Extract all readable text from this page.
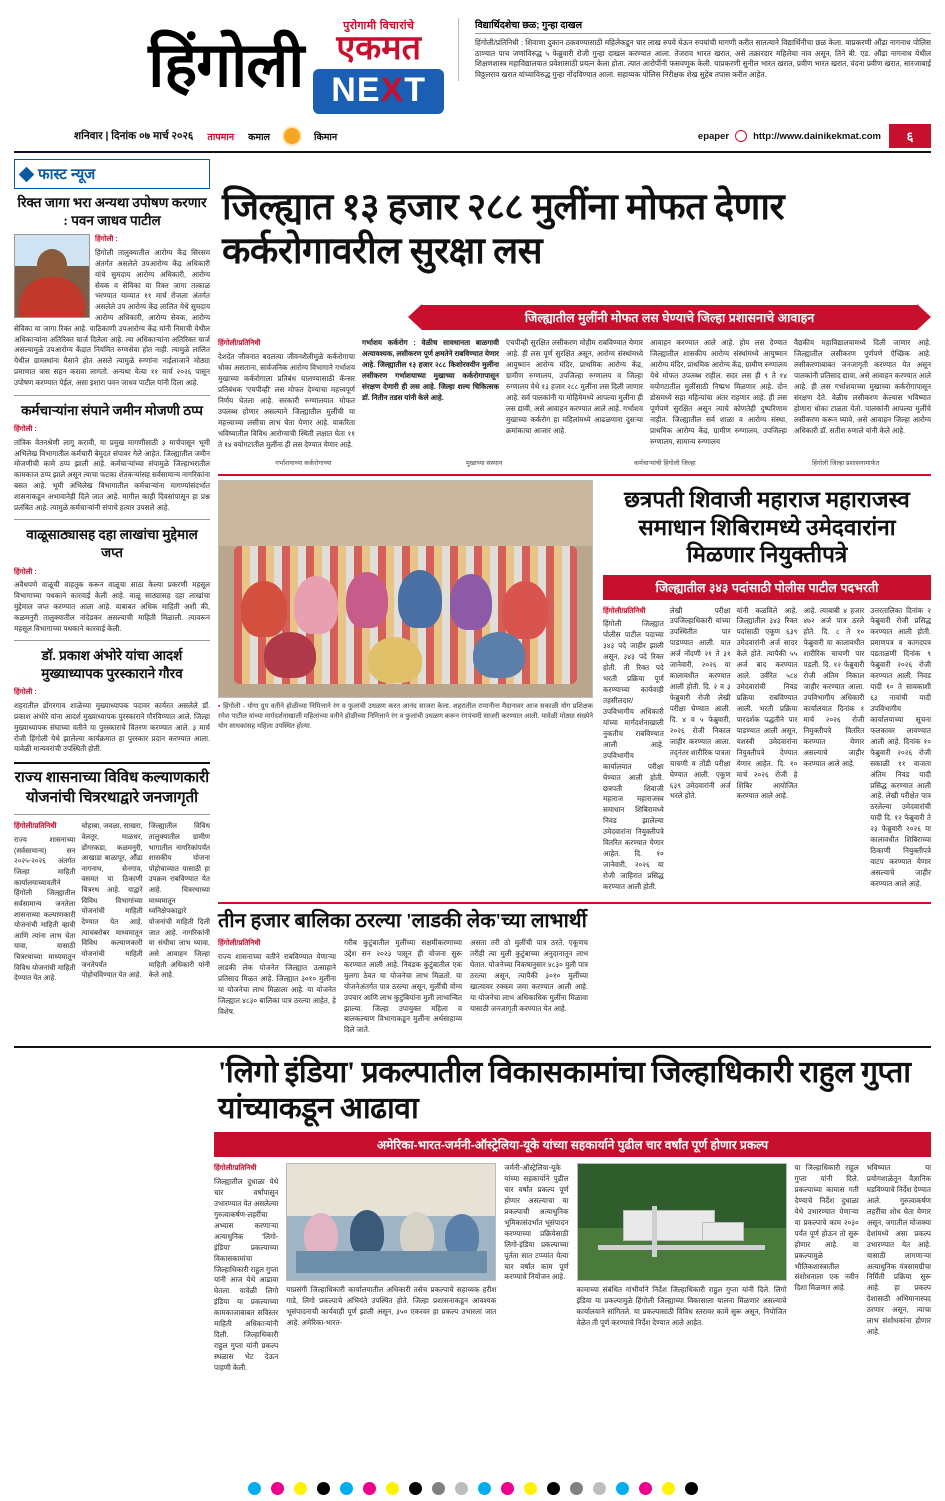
हिंगोली
पुरोगामी विचारांचे
एकमत
NEXT
विद्यार्थिदशेचा छळ; गुन्हा दाखल

हिंगोली/प्रतिनिधी : शिवाणा दुकान ठकवण्यासाठी महिलेकडून चार लाख रुपये घेऊन रुपयांची मागणी करीत सातत्याने विद्यार्थिनीचा छळ केला. याप्रकरणी औंढा नागनाथ पोलिस ठाण्यात पाच जणांविरुद्ध ५ फेब्रुवारी रोजी गुन्हा दाखल करण्यात आला. तेजराव भारत खरात, असे तक्रारदार महिलेचा नाव असून, तिने बी. एड. औंढा नागनाथ येथील शिक्षणशास्त्र महाविद्यालयात प्रवेशासाठी प्रयत्न केला होता. त्यात आरोपींनी फसवणूक केली. याप्रकरणी सुनील भारत खरात, प्रवीण भारत खरात, वंदना प्रवीण खरात, सारजाबाई विठ्ठलराव खरात यांच्याविरुद्ध गुन्हा नोंदविण्यात आला. सहाय्यक पोलिस निरीक्षक शेख सुहेब तपास करीत आहेत.

शनिवार | दिनांक ०७ मार्च २०२६ तापमान कमाल	किमान	epaper	http://www.dainikekmat.com	६
फास्ट न्यूज
रिक्त जागा भरा अन्यथा उपोषण करणार : पवन जाधव पाटील

हिंगोली :

हिंगोली तालुक्यातील आरोग्य केंद्र सिरसम अंतर्गत असलेले उपआरोग्य केंद्र अधिकारी यांचे सुमदाय आरोग्य अधिकारी, आरोग्य सेवक व सेविका या रिक्त जागा तत्काळ भरण्यात याव्यात ११ मार्च रोजला अंतर्गत असलेले उप आरोग्य केंद्र लालित येथे सुमदाय आरोग्य अधिकारी, आरोग्य सेवक, आरोग्य सेविका या जागा रिक्त आहे. याठिकाणी उपआरोग्य केंद्र यांनी निमाची येथील अधिकाऱ्यांना अतिरिक्त चार्ज दिलेला आहे. त्या अधिकाऱ्यांना अतिरिक्त चार्ज असल्यामुळे उपआरोग्य केंद्रात नियमित रुग्णसेवा होत नाही. त्यामुळे लालित येथील ग्रामस्थांना मैसाने होत असले त्यामुळे रुग्णांना नाईलाजाने मोठ्या प्रमाणात त्रास सहन करावा लागतो. अन्यथा येत्या ११ मार्च २०२६ पासून उपोषण करण्यात येईल, असा इशारा पवन जाधव पाटील यांनी दिला आहे.

कर्मचाऱ्यांना संपाने जमीन मोजणी ठप्प

हिंगोली :

तांत्रिक वेतनश्रेणी लागू करावी, या प्रमुख मागणीसाठी ३ मार्चपासून भूमी अभिलेख विभागातील कर्मचारी बेमुदत संपावर गेले आहेत. जिल्ह्यातील जमीन मोजणीची कामे ठप्प झाली आहे. कर्मचाऱ्यांच्या संपामुळे जिल्हाभरातील कामकाज ठप्प झाले असून त्याचा फटका शेतकऱ्यांसह सर्वसामान्य नागरिकांना बसत आहे. भूमी अभिलेख विभागातील कर्मचाऱ्यांना मागण्यांसंदर्भात शासनाकडून अभावानेही दिले जात आहे. मागील काही दिवसांपासून हा प्रश्न प्रलंबित आहे. त्यामुळे कर्मचाऱ्यांनी संपाचे हत्यार उपसले आहे.

वाळूसाठ्यासह दहा लाखांचा मुद्देमाल जप्त

हिंगोली :

अवैधपणे वाळूची वाहतूक करून वाळूचा साठा केल्या प्रकरणी महसूल विभागाच्या पथकाने कारवाई केली आहे. वाळू साठ्यासह दहा लाखांचा मुद्देमाल जप्त करण्यात आला आहे. याबाबत अधिक माहिती अशी की, कळमनुरी तालुक्यातील नांदेडकर असल्याची माहिती मिळाली. त्यावरून महसूल विभागाच्या पथकाने कारवाई केली.

डॉ. प्रकाश अंभोरे यांचा आदर्श मुख्याध्यापक पुरस्काराने गौरव

हिंगोली :

शहरातील डोंगरगाव शाळेच्या मुख्याध्यापक पदावर कार्यरत असलेले डॉ. प्रकाश अंभोरे यांना आदर्श मुख्याध्यापक पुरस्काराने गौरविण्यात आले. जिल्हा मुख्याध्यापक संघाच्या वतीने या पुरस्काराचे वितरण करण्यात आले. ३ मार्च रोजी हिंगोली येथे झालेल्या कार्यक्रमात हा पुरस्कार प्रदान करण्यात आला. यावेळी मान्यवरांची उपस्थिती होती.

राज्य शासनाच्या विविध कल्याणकारी योजनांची चित्ररथाद्वारे जनजागृती

हिंगोली/प्रतिनिधी

राज्य शासनाच्या (सर्वसामान्य) सन २०२५-२०२६ अंतर्गत जिल्हा माहिती कार्यालयाच्यावतीने हिंगोली जिल्ह्यातील सर्वसामान्य जनतेला शासनाच्या कल्याणकारी योजनांची माहिती व्हावी आणि त्यांना लाभ घेता यावा, यासाठी चित्ररथाच्या माध्यमातून विविध योजनांची माहिती देण्यात येत आहे.

चोहाबा, जवळा, साखरा, वेलतूर, माळधर, डोंगरकडा, कळमनुरी, आखाडा बाळापूर, औंढा नागनाथ, सेनगाव, वसमत या ठिकाणी चित्ररथ आहे. याद्वारे विविध विभागांच्या योजनांची माहिती देण्यात येत आहे. त्याचबरोबर माध्यमातून विविध कल्याणकारी योजनांची माहिती जनतेपर्यंत पोहोचविण्यात येत आहे.

जिल्ह्यातील विविध तालुक्यातील ग्रामीण भागातील नागरिकांपर्यंत शासकीय योजना पोहोचाव्यात यासाठी हा उपक्रम राबविण्यात येत आहे. चित्ररथाच्या माध्यमातून ध्वनिक्षेपकाद्वारे योजनांची माहिती दिली जात आहे. नागरिकांनी या संधीचा लाभ घ्यावा, असे आवाहन जिल्हा माहिती अधिकारी यांनी केले आहे.

जिल्ह्यात १३ हजार २८८ मुलींना मोफत देणार कर्करोगावरील सुरक्षा लस
जिल्ह्यातील मुलींनी मोफत लस घेण्याचे जिल्हा प्रशासनाचे आवाहन

हिंगोली/प्रतिनिधी

देशदेत जीवनात बदलत्या जीवनशैलीमुळे कर्करोगाचा धोका असताना, सार्वजनिक आरोग्य विभागाने गर्भाशय मुखाच्या कर्करोगाला प्रतिबंध घालण्यासाठी कॅन्सर प्रतिबंधक 'एचपीव्ही' लस मोफत देण्याचा महत्त्वपूर्ण निर्णय घेतला आहे. सरकारी रुग्णालयात मोफत उपलब्ध होणार असल्याने जिल्ह्यातील मुलींची या महत्त्वाच्या लसीचा लाभ घेता येणार आहे. याकरिता भविष्यातील विविध आरोग्याची स्थिती लक्षात घेता ११ ते १४ वयोगटातील मुलींना ही लस देण्यात येणार आहे.

गर्भाशय कर्करोग : वेळीच सावधानता बाळगावी अत्यावश्यक, लसीकरण पूर्ण क्षमतेने राबविण्यात येणार आहे. जिल्ह्यातील १३ हजार २८८ किशोरवयीन मुलींना लसीकरण गर्भाशयाच्या मुखाच्या कर्करोगापासून संरक्षण देणारी ही लस आहे. जिल्हा शल्य चिकित्सक डॉ. नितीन तडस यांनी केले आहे.

एचपीव्ही सुरक्षित लसीकरण मोहीम राबविण्यात येणार आहे. ही लस पूर्ण सुरक्षित असून, आरोग्य संस्थांमध्ये आयुष्मान आरोग्य मंदिर, प्राथमिक आरोग्य केंद्र, ग्रामीण रुग्णालय, उपजिल्हा रुग्णालय व जिल्हा रुग्णालय येथे १३ हजार २८८ मुलींना लस दिली जाणार आहे. सर्व पालकांनी या मोहिमेमध्ये आपल्या मुलींना ही लस द्यावी, असे आवाहन करण्यात आले आहे. गर्भाशय मुखाच्या कर्करोग हा महिलांमध्ये आढळणारा दुसऱ्या क्रमांकाचा आजार आहे.

आवाहन करण्यात आले आहे. होय लस देण्यात जिल्ह्यातील शासकीय आरोग्य संस्थांमध्ये आयुष्मान आरोग्य मंदिर, प्राथमिक आरोग्य केंद्र, ग्रामीण रुग्णालय येथे मोफत उपलब्ध राहील. सदर लस ही ९ ते १४ वयोगटातील मुलींसाठी निष्प्रभ मिळणार आहे. दोन डोसमध्ये सहा महिन्यांचा अंतर राहणार आहे. ही लस पूर्णपणे सुरक्षित असून त्याचे कोणतेही दुष्परिणाम नाहीत. जिल्ह्यातील सर्व शाळा व आरोग्य संस्था, प्राथमिक आरोग्य केंद्र, ग्रामीण रुग्णालय, उपजिल्हा रुग्णालय, सामान्य रुग्णालय

वैद्यकीय महाविद्यालयामध्ये दिली जाणार आहे. जिल्ह्यातील लसीकरण पूर्णपणे ऐच्छिक आहे. लसीकरणाबाबत जनजागृती करण्यात येत असून पालकांनी प्रतिसाद द्यावा, असे आवाहन करण्यात आले आहे. ही लस गर्भाशयाच्या मुखाच्या कर्करोगापासून संरक्षण देते. वेळीच लसीकरण केल्यास भविष्यात होणारा धोका टाळता येतो. पालकांनी आपल्या मुलींचे लसीकरण करून घ्यावे, असे आवाहन जिल्हा आरोग्य अधिकारी डॉ. सतीश रुणाले यांनी केले आहे.

गर्भाशयाच्या कर्करोगाच्या	मुखाच्या संस्थान	कर्मचाऱ्यांची हिंगोली जिल्हा	हिंगोली जिल्हा प्रशासनामार्फत
▪ हिंगोली - योगा ग्रुप वतीने होळीच्या निमित्ताने रंग व फुलांची उधळण करत आनंद साजरा केला. शहरातील रामानीना मैदानावर आज सकाळी योग प्रशिक्षक रमेश पाटील यांच्या मार्गदर्शनाखाली महिलांच्या वतीने होळीच्या निमित्ताने रंग व फुलांची उधळण करून रंगपंचमी साजरी करण्यात आली. यावेळी मोठ्या संख्येने योग साधकांसह महिला उपस्थित होत्या.
छत्रपती शिवाजी महाराज महाराजस्व समाधान शिबिरामध्ये उमेदवारांना मिळणार नियुक्तीपत्रे
जिल्ह्यातील ३४३ पदांसाठी पोलीस पाटील पदभरती

हिंगोली/प्रतिनिधी

हिंगोली जिल्ह्यात पोलीस पाटील पदाच्या ३४३ पदे जाहीर झाली असून, ३४३ पदे रिक्त होती. ती रिक्त पदे भरती प्रक्रिया पूर्ण करण्याच्या कार्यवाही तहसीलदार/उपविभागीय अधिकारी यांच्या मार्गदर्शनाखाली नुकतीच राबविण्यात आली आहे. उपविभागीय कार्यालयात परीक्षा घेण्यात आली होती. छत्रपती शिवाजी महाराज महाराजस्व समाधान शिबिरामध्ये निवड झालेल्या उमेदवारांना नियुक्तीपत्रे वितरित करण्यात येणार आहेत. दि. १० जानेवारी, २०२६ या रोजी जाहिरात प्रसिद्ध करण्यात आली होती.

लेखी परीक्षा उपजिल्हाधिकारी यांच्या उपस्थितीत पार पाडण्यात आली. यात अर्ज नोंदणी २१ ते ३१ जानेवारी, २०२६ या कालावधीत करण्यात आली होती. दि. २ व ३ फेब्रुवारी रोजी लेखी परीक्षा घेण्यात आली. दि. ४ व ५ फेब्रुवारी, २०२६ रोजी निकाल जाहीर करण्यात आला. तद्नंतर शारीरिक पात्रता चाचणी व तोंडी परीक्षा घेण्यात आली. एकूण ६३९ उमेदवारांनी अर्ज भरले होते.

यांनी कळविले आहे. जिल्ह्यातील ३४३ रिक्त पदांसाठी एकूण ६३९ उमेदवारांनी अर्ज सादर केले होते. त्यापैकी ५५ अर्ज बाद करण्यात आले. उर्वरित ५८४ उमेदवारांची निवड प्रक्रिया राबविण्यात आली. भरती प्रक्रिया पारदर्शक पद्धतीने पार पाडण्यात आली असून, यशस्वी उमेदवारांना नियुक्तीपत्रे देण्यात येणार आहेत. दि. १० मार्च २०२६ रोजी हे शिबिर आयोजित करण्यात आले आहे.

आहे. त्याबाबी ४ हजार ४७२ अर्ज पात्र ठरले होते. दि. ८ ते १० फेब्रुवारी या कालावधीत शारीरिक चाचणी पार पडली. दि. १२ फेब्रुवारी रोजी अंतिम निकाल जाहीर करण्यात आला. उपविभागीय अधिकारी कार्यालयात दिनांक १ मार्च २०२६ रोजी नियुक्तीपत्रे वितरित करण्यात येणार असल्याचे जाहीर करण्यात आले आहे.

उत्तरतालिका दिनांक २ फेब्रुवारी रोजी प्रसिद्ध करण्यात आली होती. प्रमाणपत्र व कागदपत्र पडताळणी दिनांक ९ फेब्रुवारी २०२६ रोजी करण्यात आली. निवड यादी १० ते सावकाशी ६३ नावांची यादी उपविभागीय कार्यालयाच्या सूचना फलकावर लावण्यात आली आहे. दिनांक १० फेब्रुवारी २०२६ रोजी सकाळी ११ वाजता अंतिम निवड यादी प्रसिद्ध करण्यात आली आहे. लेखी परीक्षेत पात्र ठरलेल्या उमेदवारांची यादी दि. १२ फेब्रुवारी ते २३ फेब्रुवारी २०२६ या कालावधीत शिबिराच्या ठिकाणी नियुक्तीपत्रे वाटप करण्यात येणार असल्याचे जाहीर करण्यात आले आहे.

तीन हजार बालिका ठरल्या 'लाडकी लेक'च्या लाभार्थी

हिंगोली/प्रतिनिधी

राज्य शासनाच्या वतीने राबविण्यात येणाऱ्या लाडकी लेक योजनेत जिल्ह्यात उत्साहाने प्रतिसाद मिळत आहे. जिल्ह्यात ३०१० मुलींना या योजनेचा लाभ मिळाला आहे. या योजनेत जिल्ह्यात ४८३० बालिका पात्र ठरल्या आहेत, हे विशेष.

गरीब कुटुंबातील मुलींच्या सक्षमीकरणाच्या उद्देश सन २०२३ पासून ही योजना सुरू करण्यात आली आहे. निवडक कुटुंबातील एक मुलगा ठेवत या योजनेचा लाभ मिळतो. या योजनेअंतर्गत पात्र ठरल्या असून, मुलींची योग्य उपचार आणि लाभ कुटुंबियांना मुली लाभान्वित झाल्या. जिल्हा उपायुक्त महिला व बालकल्याण विभागाकडून मुलींना अर्थसाहाय्य दिले जाते.

असता तरी ठो मुलींची पात्र ठरते. एकूणच तरीही त्या मुली कुटुंबाच्या अनुदानातून लाभ घेतात. योजनेच्या निकषानुसार ४८३० मुली पात्र ठरल्या असून, त्यापैकी ३०१० मुलींच्या खात्यावर रक्कम जमा करण्यात आली आहे. या योजनेचा लाभ अधिकाधिक मुलींना मिळावा यासाठी जनजागृती करण्यात येत आहे.

'लिगो इंडिया' प्रकल्पातील विकासकामांचा जिल्हाधिकारी राहुल गुप्ता यांच्याकडून आढावा
अमेरिका-भारत-जर्मनी-ऑस्ट्रेलिया-यूके यांच्या सहकार्याने पुढील चार वर्षांत पूर्ण होणार प्रकल्प

हिंगोली/प्रतिनिधी

जिल्ह्यातील दुधाळा येथे चार वर्षांपासून उभारण्यात येत असलेल्या गुरुत्वाकर्षण-लहरींचा अभ्यास करणाऱ्या अत्याधुनिक 'लिगो-इंडिया' प्रकल्पाच्या विकासकामांचा जिल्हाधिकारी राहुल गुप्ता यांनी आज येथे आढावा घेतला. यावेळी लिगो इंडिया या प्रकल्पाच्या कामकाजाबाबत सविस्तर माहिती अधिकाऱ्यांनी दिली. जिल्हाधिकारी राहुल गुप्ता यांनी प्रकल्प स्थळास भेट देऊन पाहणी केली.

याप्रसंगी जिल्हाधिकारी कार्यालयातील अधिकारी तसेच प्रकल्पाचे सहाय्यक हरीश गाडे, लिगो प्रकल्पाचे अभियंते उपस्थित होते. जिल्हा प्रशासनाकडून आवश्यक भूसंपादनाची कार्यवाही पूर्ण झाली असून, ३५० एकरवर हा प्रकल्प उभारला जात आहे. अमेरिका-भारत-

जर्मनी-ऑस्ट्रेलिया-यूके यांच्या सहकार्याने पुढील चार वर्षांत प्रकल्प पूर्ण होणार असल्याचा या प्रकल्पाची अत्याधुनिक भूमिकासंदर्भात भूसंपादन करण्याच्या प्रक्रियेसाठी लिगो-इंडिया प्रकल्पाच्या पूर्तता सात टप्प्यांत येत्या चार वर्षांत काम पूर्ण करण्याचे नियोजन आहे.

कामाच्या संबंधित गांभीर्याने निर्देश जिल्हाधिकारी राहुल गुप्ता यांनी दिले. लिगो इंडिया या प्रकल्पामुळे हिंगोली जिल्ह्याच्या विकासाला चालना मिळणार असल्याचे कार्यालयाने सांगितले. या प्रकल्पासाठी विविध स्तरावर कामे सुरू असून, नियोजित वेळेत ती पूर्ण करण्याचे निर्देश देण्यात आले आहेत.

या जिल्हाधिकारी राहुल गुप्ता यांनी दिले. प्रकल्पाच्या कामास गती देण्याचे निर्देश दुधाळा येथे उभारण्यात येणाऱ्या या प्रकल्पाचे काम २०३० पर्यंत पूर्ण होऊन तो सुरू होणार आहे. या प्रकल्पामुळे भौतिकशास्त्रातील संशोधनाला एक नवीन दिशा मिळणार आहे.

भविष्यात या प्रयोगशाळेतून वैज्ञानिक घडविण्याचे निर्देश देण्यात आले. गुरुत्वाकर्षण लहरींचा शोध घेता येणार असून, जगातील मोजक्या देशांमध्ये असा प्रकल्प उभारण्यात येत आहे. यासाठी लागणाऱ्या अत्याधुनिक यंत्रसामग्रीचा निर्मिती प्रक्रिया सुरू आहे. हा प्रकल्प देशासाठी अभिमानास्पद ठरणार असून, त्याचा लाभ संशोधकांना होणार आहे.
